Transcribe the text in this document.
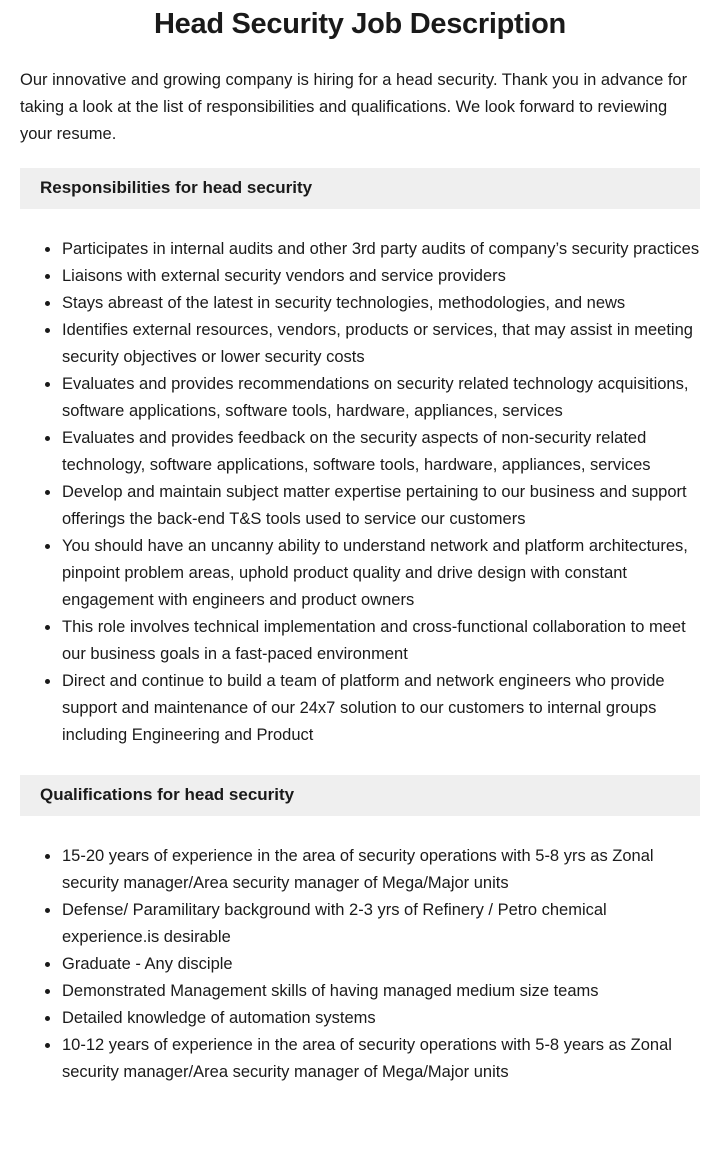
Head Security Job Description

Our innovative and growing company is hiring for a head security. Thank you in advance for taking a look at the list of responsibilities and qualifications. We look forward to reviewing your resume.

Responsibilities for head security
• Participates in internal audits and other 3rd party audits of company’s security practices
• Liaisons with external security vendors and service providers
• Stays abreast of the latest in security technologies, methodologies, and news
• Identifies external resources, vendors, products or services, that may assist in meeting security objectives or lower security costs
• Evaluates and provides recommendations on security related technology acquisitions, software applications, software tools, hardware, appliances, services
• Evaluates and provides feedback on the security aspects of non-security related technology, software applications, software tools, hardware, appliances, services
• Develop and maintain subject matter expertise pertaining to our business and support offerings the back-end T&S tools used to service our customers
• You should have an uncanny ability to understand network and platform architectures, pinpoint problem areas, uphold product quality and drive design with constant engagement with engineers and product owners
• This role involves technical implementation and cross-functional collaboration to meet our business goals in a fast-paced environment
• Direct and continue to build a team of platform and network engineers who provide support and maintenance of our 24x7 solution to our customers to internal groups including Engineering and Product
Qualifications for head security
• 15-20 years of experience in the area of security operations with 5-8 yrs as Zonal security manager/Area security manager of Mega/Major units
• Defense/ Paramilitary background with 2-3 yrs of Refinery / Petro chemical experience.is desirable
• Graduate - Any disciple
• Demonstrated Management skills of having managed medium size teams
• Detailed knowledge of automation systems
• 10-12 years of experience in the area of security operations with 5-8 years as Zonal security manager/Area security manager of Mega/Major units
